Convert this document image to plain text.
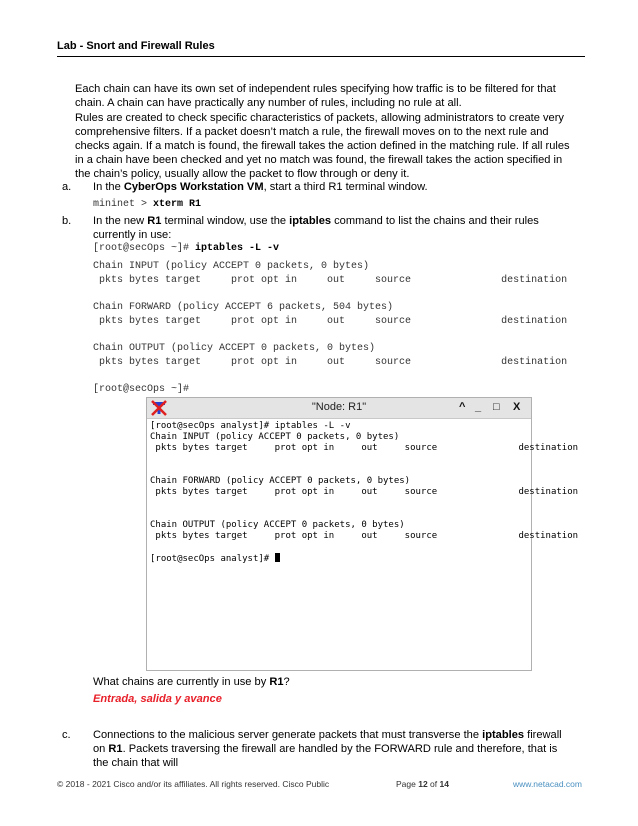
Lab - Snort and Firewall Rules
Each chain can have its own set of independent rules specifying how traffic is to be filtered for that chain. A chain can have practically any number of rules, including no rule at all.
Rules are created to check specific characteristics of packets, allowing administrators to create very comprehensive filters. If a packet doesn’t match a rule, the firewall moves on to the next rule and checks again. If a match is found, the firewall takes the action defined in the matching rule. If all rules in a chain have been checked and yet no match was found, the firewall takes the action specified in the chain’s policy, usually allow the packet to flow through or deny it.
a. In the CyberOps Workstation VM, start a third R1 terminal window.
mininet > xterm R1
b. In the new R1 terminal window, use the iptables command to list the chains and their rules currently in use:
[root@secOps ~]# iptables -L -v
Chain INPUT (policy ACCEPT 0 packets, 0 bytes)
pkts bytes target     prot opt in     out     source               destination
Chain FORWARD (policy ACCEPT 6 packets, 504 bytes)
pkts bytes target     prot opt in     out     source               destination
Chain OUTPUT (policy ACCEPT 0 packets, 0 bytes)
pkts bytes target     prot opt in     out     source               destination
[root@secOps ~]#
"Node: R1"	^ _ □ X
[root@secOps analyst]# iptables -L -v
Chain INPUT (policy ACCEPT 0 packets, 0 bytes)
pkts bytes target     prot opt in     out     source               destination

Chain FORWARD (policy ACCEPT 0 packets, 0 bytes)
pkts bytes target     prot opt in     out     source               destination

Chain OUTPUT (policy ACCEPT 0 packets, 0 bytes)
pkts bytes target     prot opt in     out     source               destination

[root@secOps analyst]#
What chains are currently in use by R1?
Entrada, salida y avance
c. Connections to the malicious server generate packets that must transverse the iptables firewall on R1. Packets traversing the firewall are handled by the FORWARD rule and therefore, that is the chain that will
© 2018 - 2021 Cisco and/or its affiliates. All rights reserved. Cisco Public	Page 12 of 14	www.netacad.com
